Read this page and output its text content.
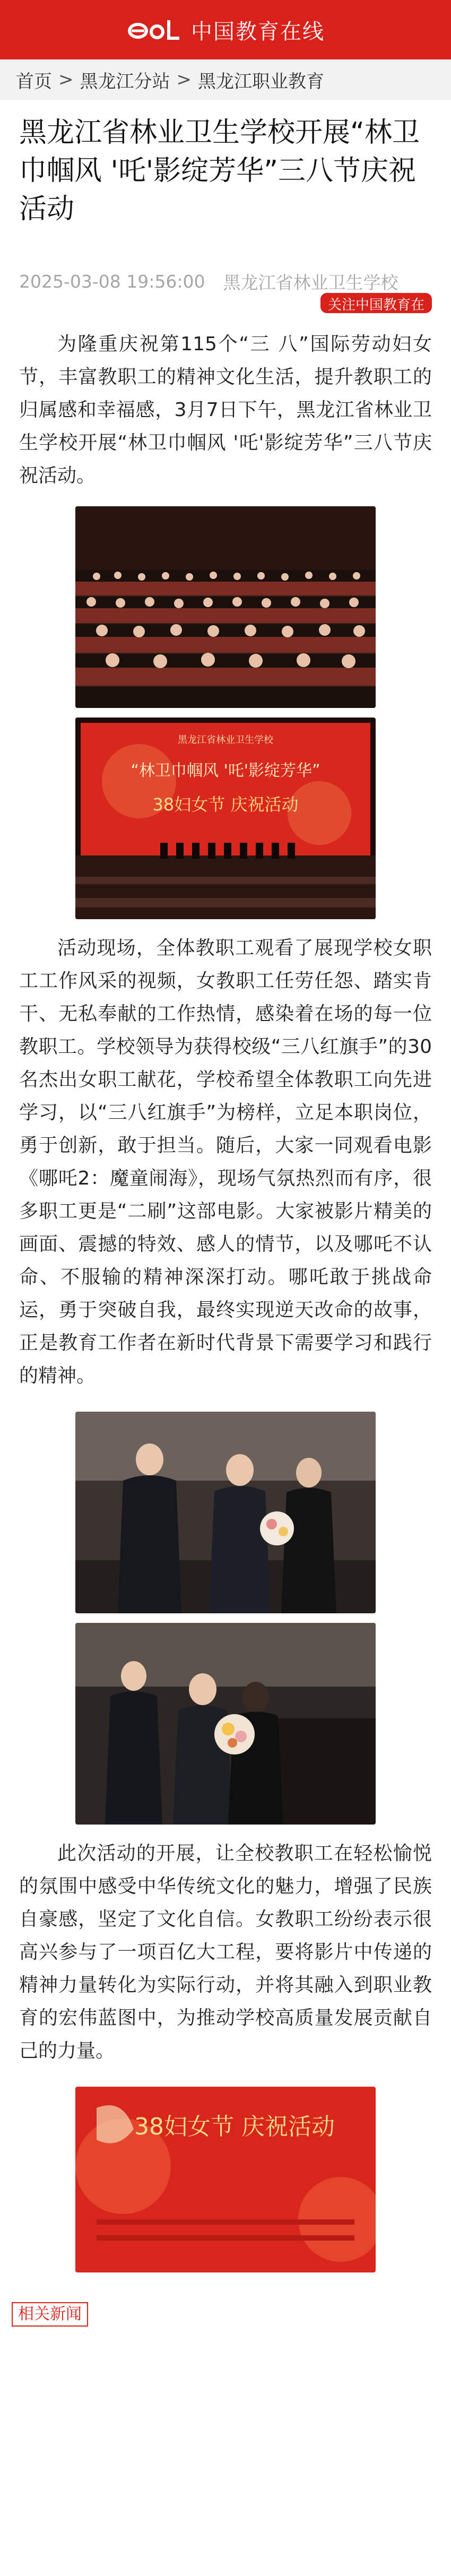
中国教育在线
首页 > 黑龙江分站 > 黑龙江职业教育
黑龙江省林业卫生学校开展“林卫巾帼风 '吒'影绽芳华”三八节庆祝活动
2025-03-08 19:56:00 黑龙江省林业卫生学校
关注中国教育在

为隆重庆祝第115个“三 八”国际劳动妇女节，丰富教职工的精神文化生活，提升教职工的归属感和幸福感，3月7日下午，黑龙江省林业卫生学校开展“林卫巾帼风 '吒'影绽芳华”三八节庆祝活动。

黑龙江省林业卫生学校
“林卫巾帼风 '吒'影绽芳华”
38妇女节 庆祝活动

活动现场，全体教职工观看了展现学校女职工工作风采的视频，女教职工任劳任怨、踏实肯干、无私奉献的工作热情，感染着在场的每一位教职工。学校领导为获得校级“三八红旗手”的30名杰出女职工献花，学校希望全体教职工向先进学习，以“三八红旗手”为榜样，立足本职岗位，勇于创新，敢于担当。随后，大家一同观看电影《哪吒2：魔童闹海》，现场气氛热烈而有序，很多职工更是“二刷”这部电影。大家被影片精美的画面、震撼的特效、感人的情节，以及哪吒不认命、不服输的精神深深打动。哪吒敢于挑战命运，勇于突破自我，最终实现逆天改命的故事，正是教育工作者在新时代背景下需要学习和践行的精神。

此次活动的开展，让全校教职工在轻松愉悦的氛围中感受中华传统文化的魅力，增强了民族自豪感，坚定了文化自信。女教职工纷纷表示很高兴参与了一项百亿大工程，要将影片中传递的精神力量转化为实际行动，并将其融入到职业教育的宏伟蓝图中，为推动学校高质量发展贡献自己的力量。

38妇女节 庆祝活动
相关新闻
